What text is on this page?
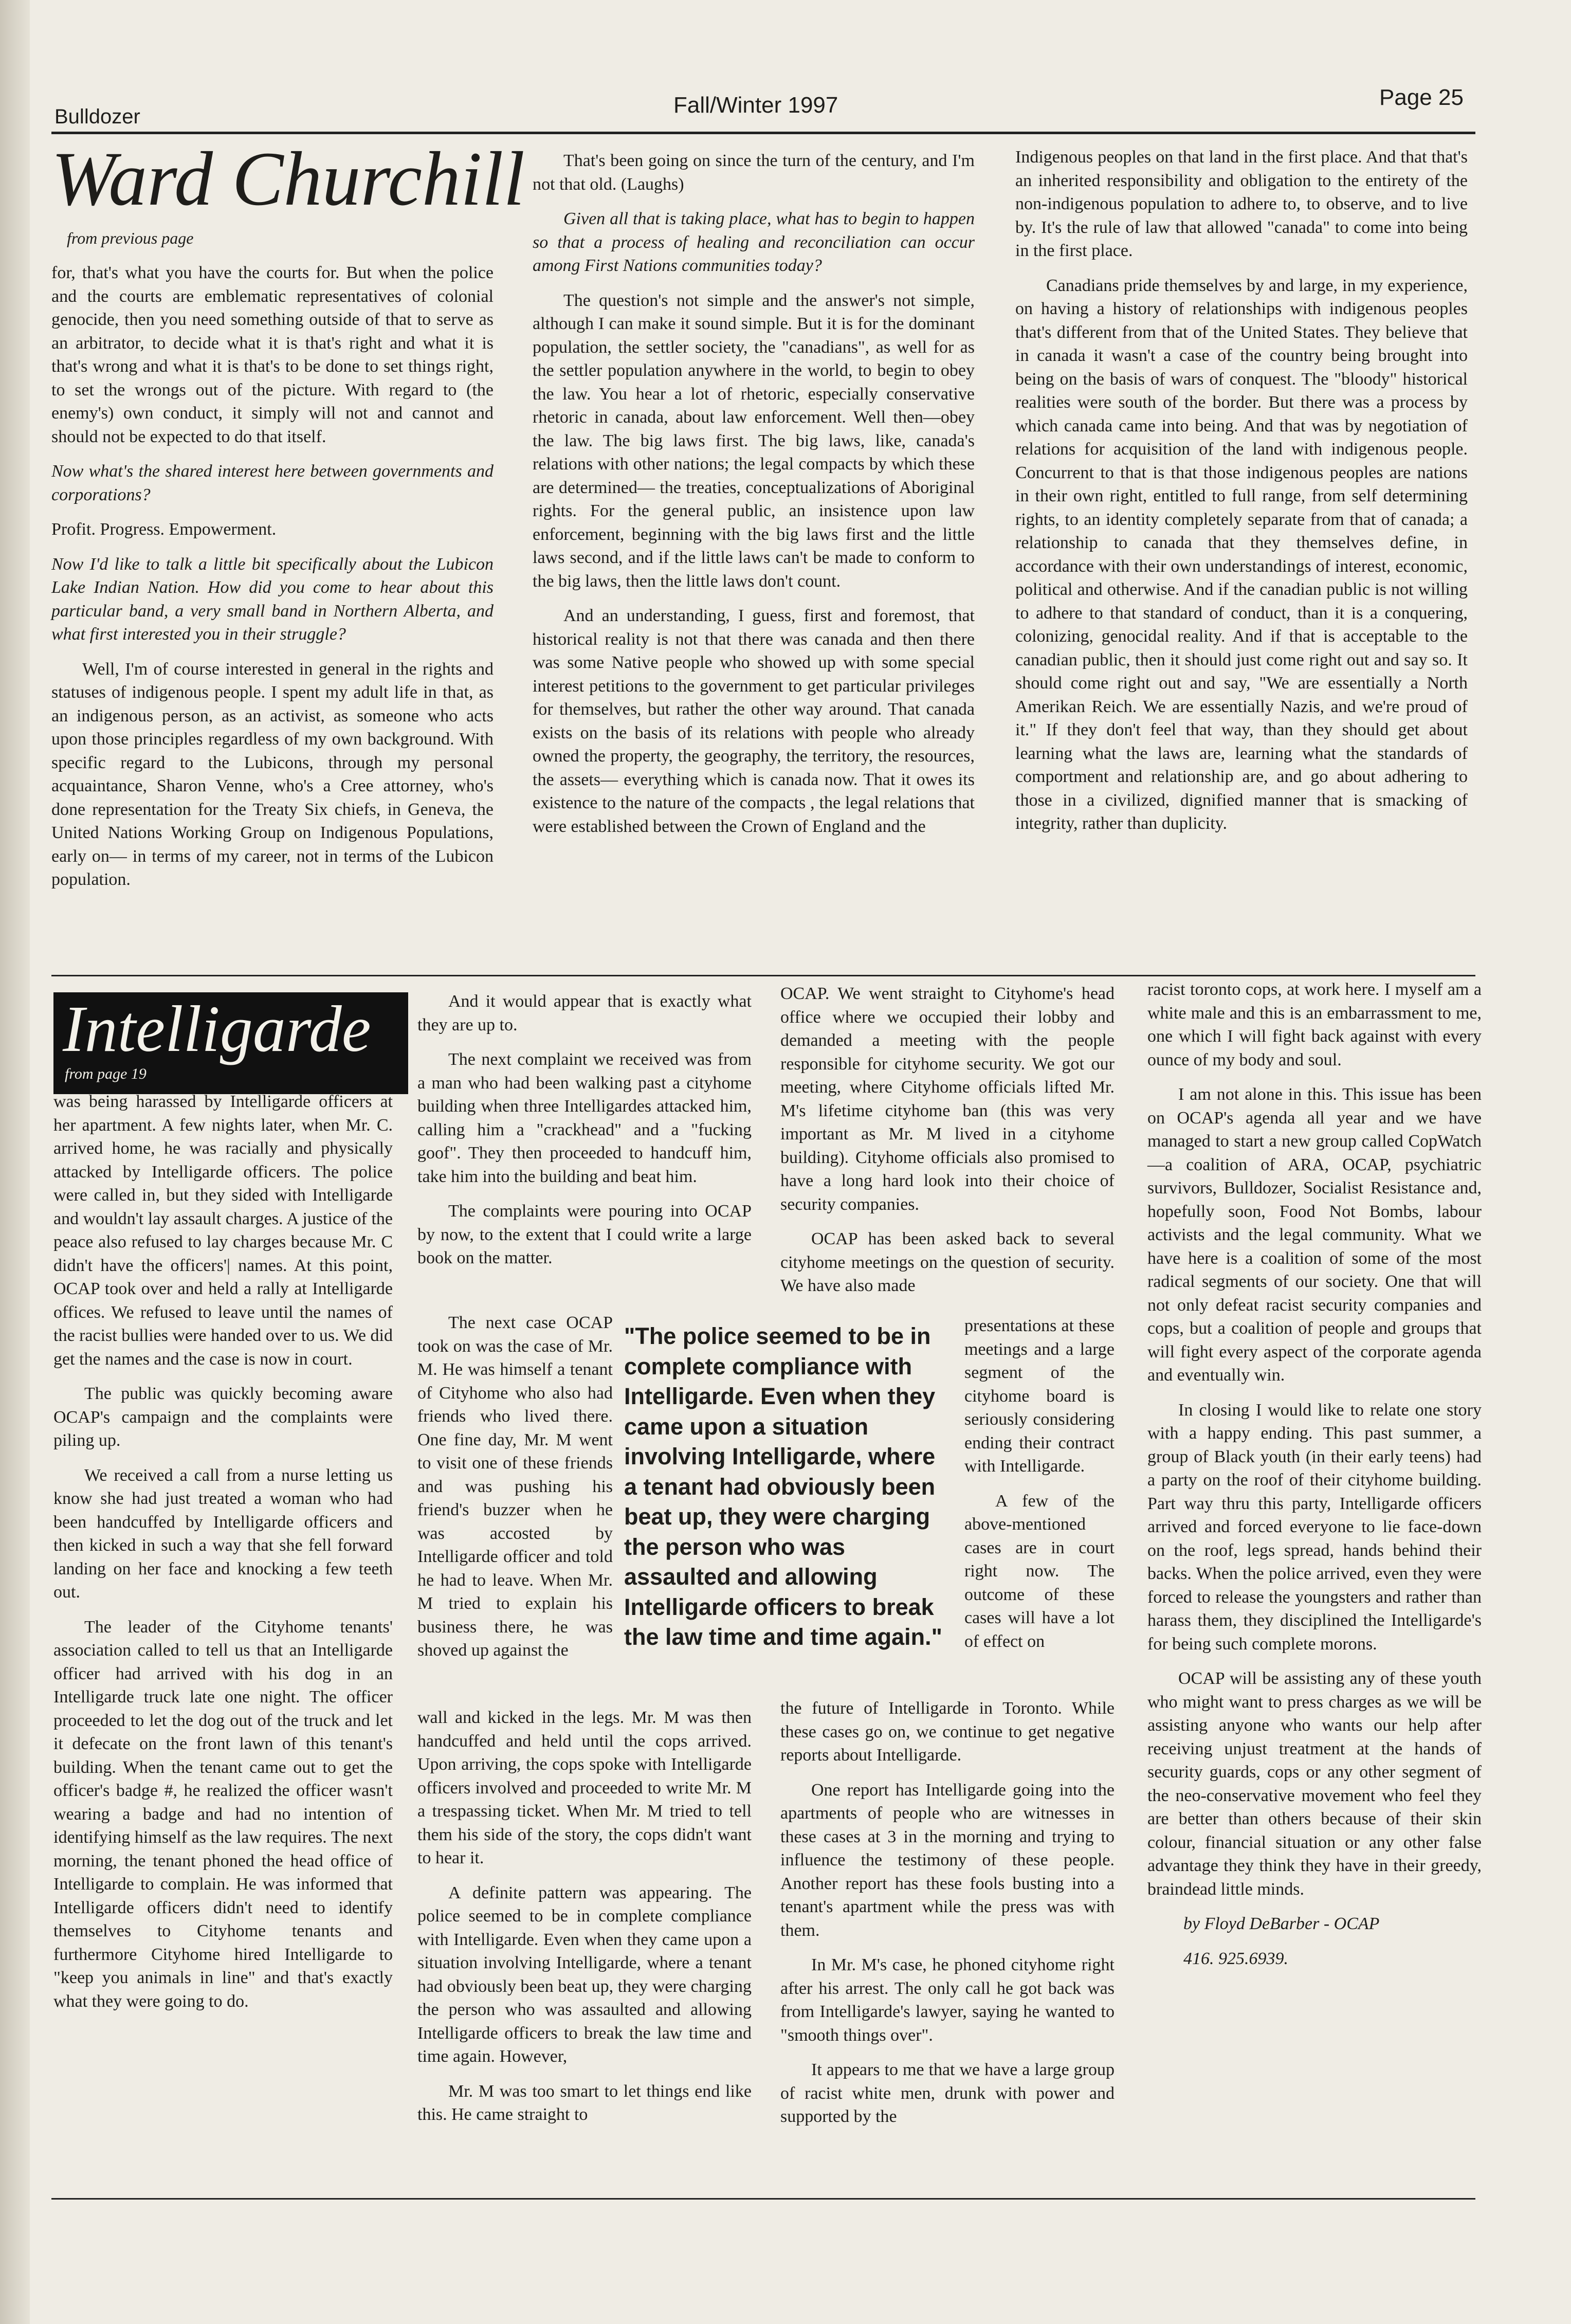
Bulldozer	Fall/Winter 1997	Page 25
Ward Churchill
from previous page

for, that's what you have the courts for. But when the police and the courts are emblematic representatives of colonial genocide, then you need something outside of that to serve as an arbitrator, to decide what it is that's right and what it is that's wrong and what it is that's to be done to set things right, to set the wrongs out of the picture. With regard to (the enemy's) own conduct, it simply will not and cannot and should not be expected to do that itself.

Now what's the shared interest here between governments and corporations?

Profit. Progress. Empowerment.

Now I'd like to talk a little bit specifically about the Lubicon Lake Indian Nation. How did you come to hear about this particular band, a very small band in Northern Alberta, and what first interested you in their struggle?

Well, I'm of course interested in general in the rights and statuses of indigenous people. I spent my adult life in that, as an indigenous person, as an activist, as someone who acts upon those principles regardless of my own background. With specific regard to the Lubicons, through my personal acquaintance, Sharon Venne, who's a Cree attorney, who's done representation for the Treaty Six chiefs, in Geneva, the United Nations Working Group on Indigenous Populations, early on— in terms of my career, not in terms of the Lubicon population.

That's been going on since the turn of the century, and I'm not that old. (Laughs)

Given all that is taking place, what has to begin to happen so that a process of healing and reconciliation can occur among First Nations communities today?

The question's not simple and the answer's not simple, although I can make it sound simple. But it is for the dominant population, the settler society, the "canadians", as well for as the settler population anywhere in the world, to begin to obey the law. You hear a lot of rhetoric, especially conservative rhetoric in canada, about law enforcement. Well then—obey the law. The big laws first. The big laws, like, canada's relations with other nations; the legal compacts by which these are determined— the treaties, conceptualizations of Aboriginal rights. For the general public, an insistence upon law enforcement, beginning with the big laws first and the little laws second, and if the little laws can't be made to conform to the big laws, then the little laws don't count.

And an understanding, I guess, first and foremost, that historical reality is not that there was canada and then there was some Native people who showed up with some special interest petitions to the government to get particular privileges for themselves, but rather the other way around. That canada exists on the basis of its relations with people who already owned the property, the geography, the territory, the resources, the assets— everything which is canada now. That it owes its existence to the nature of the compacts , the legal relations that were established between the Crown of England and the

Indigenous peoples on that land in the first place. And that that's an inherited responsibility and obligation to the entirety of the non-indigenous population to adhere to, to observe, and to live by. It's the rule of law that allowed "canada" to come into being in the first place.

Canadians pride themselves by and large, in my experience, on having a history of relationships with indigenous peoples that's different from that of the United States. They believe that in canada it wasn't a case of the country being brought into being on the basis of wars of conquest. The "bloody" historical realities were south of the border. But there was a process by which canada came into being. And that was by negotiation of relations for acquisition of the land with indigenous people. Concurrent to that is that those indigenous peoples are nations in their own right, entitled to full range, from self determining rights, to an identity completely separate from that of canada; a relationship to canada that they themselves define, in accordance with their own understandings of interest, economic, political and otherwise. And if the canadian public is not willing to adhere to that standard of conduct, than it is a conquering, colonizing, genocidal reality. And if that is acceptable to the canadian public, then it should just come right out and say so. It should come right out and say, "We are essentially a North Amerikan Reich. We are essentially Nazis, and we're proud of it." If they don't feel that way, than they should get about learning what the laws are, learning what the standards of comportment and relationship are, and go about adhering to those in a civilized, dignified manner that is smacking of integrity, rather than duplicity.

Intelligarde
from page 19

was being harassed by Intelligarde officers at her apartment. A few nights later, when Mr. C. arrived home, he was racially and physically attacked by Intelligarde officers. The police were called in, but they sided with Intelligarde and wouldn't lay assault charges. A justice of the peace also refused to lay charges because Mr. C didn't have the officers'| names. At this point, OCAP took over and held a rally at Intelligarde offices. We refused to leave until the names of the racist bullies were handed over to us. We did get the names and the case is now in court.

The public was quickly becoming aware OCAP's campaign and the complaints were piling up.

We received a call from a nurse letting us know she had just treated a woman who had been handcuffed by Intelligarde officers and then kicked in such a way that she fell forward landing on her face and knocking a few teeth out.

The leader of the Cityhome tenants' association called to tell us that an Intelligarde officer had arrived with his dog in an Intelligarde truck late one night. The officer proceeded to let the dog out of the truck and let it defecate on the front lawn of this tenant's building. When the tenant came out to get the officer's badge #, he realized the officer wasn't wearing a badge and had no intention of identifying himself as the law requires. The next morning, the tenant phoned the head office of Intelligarde to complain. He was informed that Intelligarde officers didn't need to identify themselves to Cityhome tenants and furthermore Cityhome hired Intelligarde to "keep you animals in line" and that's exactly what they were going to do.

And it would appear that is exactly what they are up to.

The next complaint we received was from a man who had been walking past a cityhome building when three Intelligardes attacked him, calling him a "crackhead" and a "fucking goof". They then proceeded to handcuff him, take him into the building and beat him.

The complaints were pouring into OCAP by now, to the extent that I could write a large book on the matter.

The next case OCAP took on was the case of Mr. M. He was himself a tenant of Cityhome who also had friends who lived there. One fine day, Mr. M went to visit one of these friends and was pushing his friend's buzzer when he was accosted by Intelligarde officer and told he had to leave. When Mr. M tried to explain his business there, he was shoved up against the

"The police seemed to be in complete compliance with Intelligarde. Even when they came upon a situation involving Intelligarde, where a tenant had obviously been beat up, they were charging the person who was assaulted and allowing Intelligarde officers to break the law time and time again."

wall and kicked in the legs. Mr. M was then handcuffed and held until the cops arrived. Upon arriving, the cops spoke with Intelligarde officers involved and proceeded to write Mr. M a trespassing ticket. When Mr. M tried to tell them his side of the story, the cops didn't want to hear it.

A definite pattern was appearing. The police seemed to be in complete compliance with Intelligarde. Even when they came upon a situation involving Intelligarde, where a tenant had obviously been beat up, they were charging the person who was assaulted and allowing Intelligarde officers to break the law time and time again. However,

Mr. M was too smart to let things end like this. He came straight to

OCAP. We went straight to Cityhome's head office where we occupied their lobby and demanded a meeting with the people responsible for cityhome security. We got our meeting, where Cityhome officials lifted Mr. M's lifetime cityhome ban (this was very important as Mr. M lived in a cityhome building). Cityhome officials also promised to have a long hard look into their choice of security companies.

OCAP has been asked back to several cityhome meetings on the question of security. We have also made

presentations at these meetings and a large segment of the cityhome board is seriously considering ending their contract with Intelligarde.

A few of the above-mentioned cases are in court right now. The outcome of these cases will have a lot of effect on

the future of Intelligarde in Toronto. While these cases go on, we continue to get negative reports about Intelligarde.

One report has Intelligarde going into the apartments of people who are witnesses in these cases at 3 in the morning and trying to influence the testimony of these people. Another report has these fools busting into a tenant's apartment while the press was with them.

In Mr. M's case, he phoned cityhome right after his arrest. The only call he got back was from Intelligarde's lawyer, saying he wanted to "smooth things over".

It appears to me that we have a large group of racist white men, drunk with power and supported by the

racist toronto cops, at work here. I myself am a white male and this is an embarrassment to me, one which I will fight back against with every ounce of my body and soul.

I am not alone in this. This issue has been on OCAP's agenda all year and we have managed to start a new group called CopWatch—a coalition of ARA, OCAP, psychiatric survivors, Bulldozer, Socialist Resistance and, hopefully soon, Food Not Bombs, labour activists and the legal community. What we have here is a coalition of some of the most radical segments of our society. One that will not only defeat racist security companies and cops, but a coalition of people and groups that will fight every aspect of the corporate agenda and eventually win.

In closing I would like to relate one story with a happy ending. This past summer, a group of Black youth (in their early teens) had a party on the roof of their cityhome building. Part way thru this party, Intelligarde officers arrived and forced everyone to lie face-down on the roof, legs spread, hands behind their backs. When the police arrived, even they were forced to release the youngsters and rather than harass them, they disciplined the Intelligarde's for being such complete morons.

OCAP will be assisting any of these youth who might want to press charges as we will be assisting anyone who wants our help after receiving unjust treatment at the hands of security guards, cops or any other segment of the neo-conservative movement who feel they are better than others because of their skin colour, financial situation or any other false advantage they think they have in their greedy, braindead little minds.

by Floyd DeBarber - OCAP

416. 925.6939.
